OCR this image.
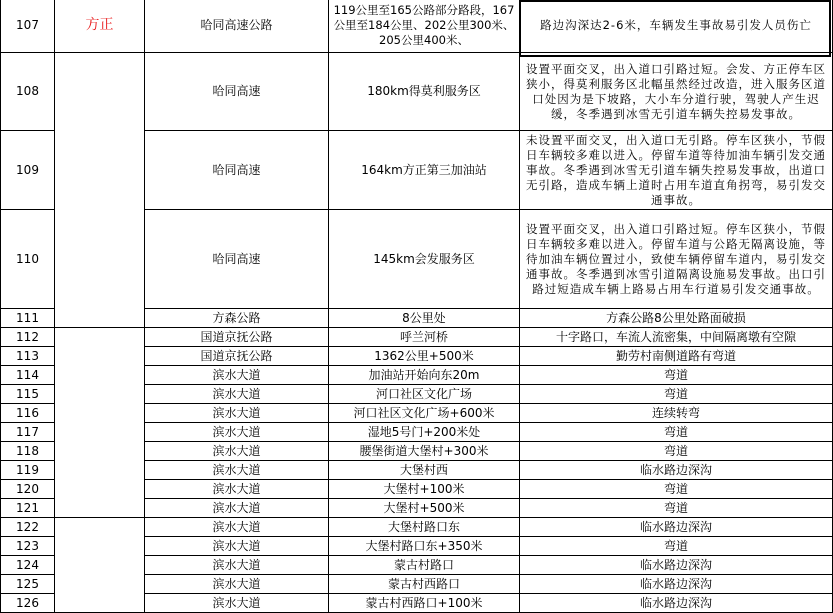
107	方正	哈同高速公路	119公里至165公路部分路段，167公里至184公里、202公里300米、205公里400米、	路边沟深达2-6米，车辆发生事故易引发人员伤亡
108		哈同高速	180km得莫利服务区	设置平面交叉，出入道口引路过短。会发、方正停车区狭小，得莫利服务区北幅虽然经过改造，进入服务区道口处因为是下坡路，大小车分道行驶，驾驶人产生迟缓，冬季遇到冰雪无引道车辆失控易发事故。
109		哈同高速	164km方正第三加油站	未设置平面交叉，出入道口无引路。停车区狭小，节假日车辆较多难以进入。停留车道等待加油车辆引发交通事故。冬季遇到冰雪无引道车辆失控易发事故，出道口无引路，造成车辆上道时占用车道直角拐弯，易引发交通事故。
110		哈同高速	145km会发服务区	设置平面交叉，出入道口引路过短。停车区狭小，节假日车辆较多难以进入。停留车道与公路无隔离设施，等待加油车辆位置过小，致使车辆停留车道内，易引发交通事故。冬季遇到冰雪引道隔离设施易发事故。出口引路过短造成车辆上路易占用车行道易引发交通事故。
111		方森公路	8公里处	方森公路8公里处路面破损
112		国道京抚公路	呼兰河桥	十字路口，车流人流密集，中间隔离墩有空隙
113		国道京抚公路	1362公里+500米	勤劳村南侧道路有弯道
114		滨水大道	加油站开始向东20m	弯道
115		滨水大道	河口社区文化广场	弯道
116		滨水大道	河口社区文化广场+600米	连续转弯
117		滨水大道	湿地5号门+200米处	弯道
118		滨水大道	腰堡街道大堡村+300米	弯道
119		滨水大道	大堡村西	临水路边深沟
120		滨水大道	大堡村+100米	弯道
121		滨水大道	大堡村+500米	弯道
122		滨水大道	大堡村路口东	临水路边深沟
123		滨水大道	大堡村路口东+350米	弯道
124		滨水大道	蒙古村路口	临水路边深沟
125		滨水大道	蒙古村西路口	临水路边深沟
126		滨水大道	蒙古村西路口+100米	临水路边深沟
